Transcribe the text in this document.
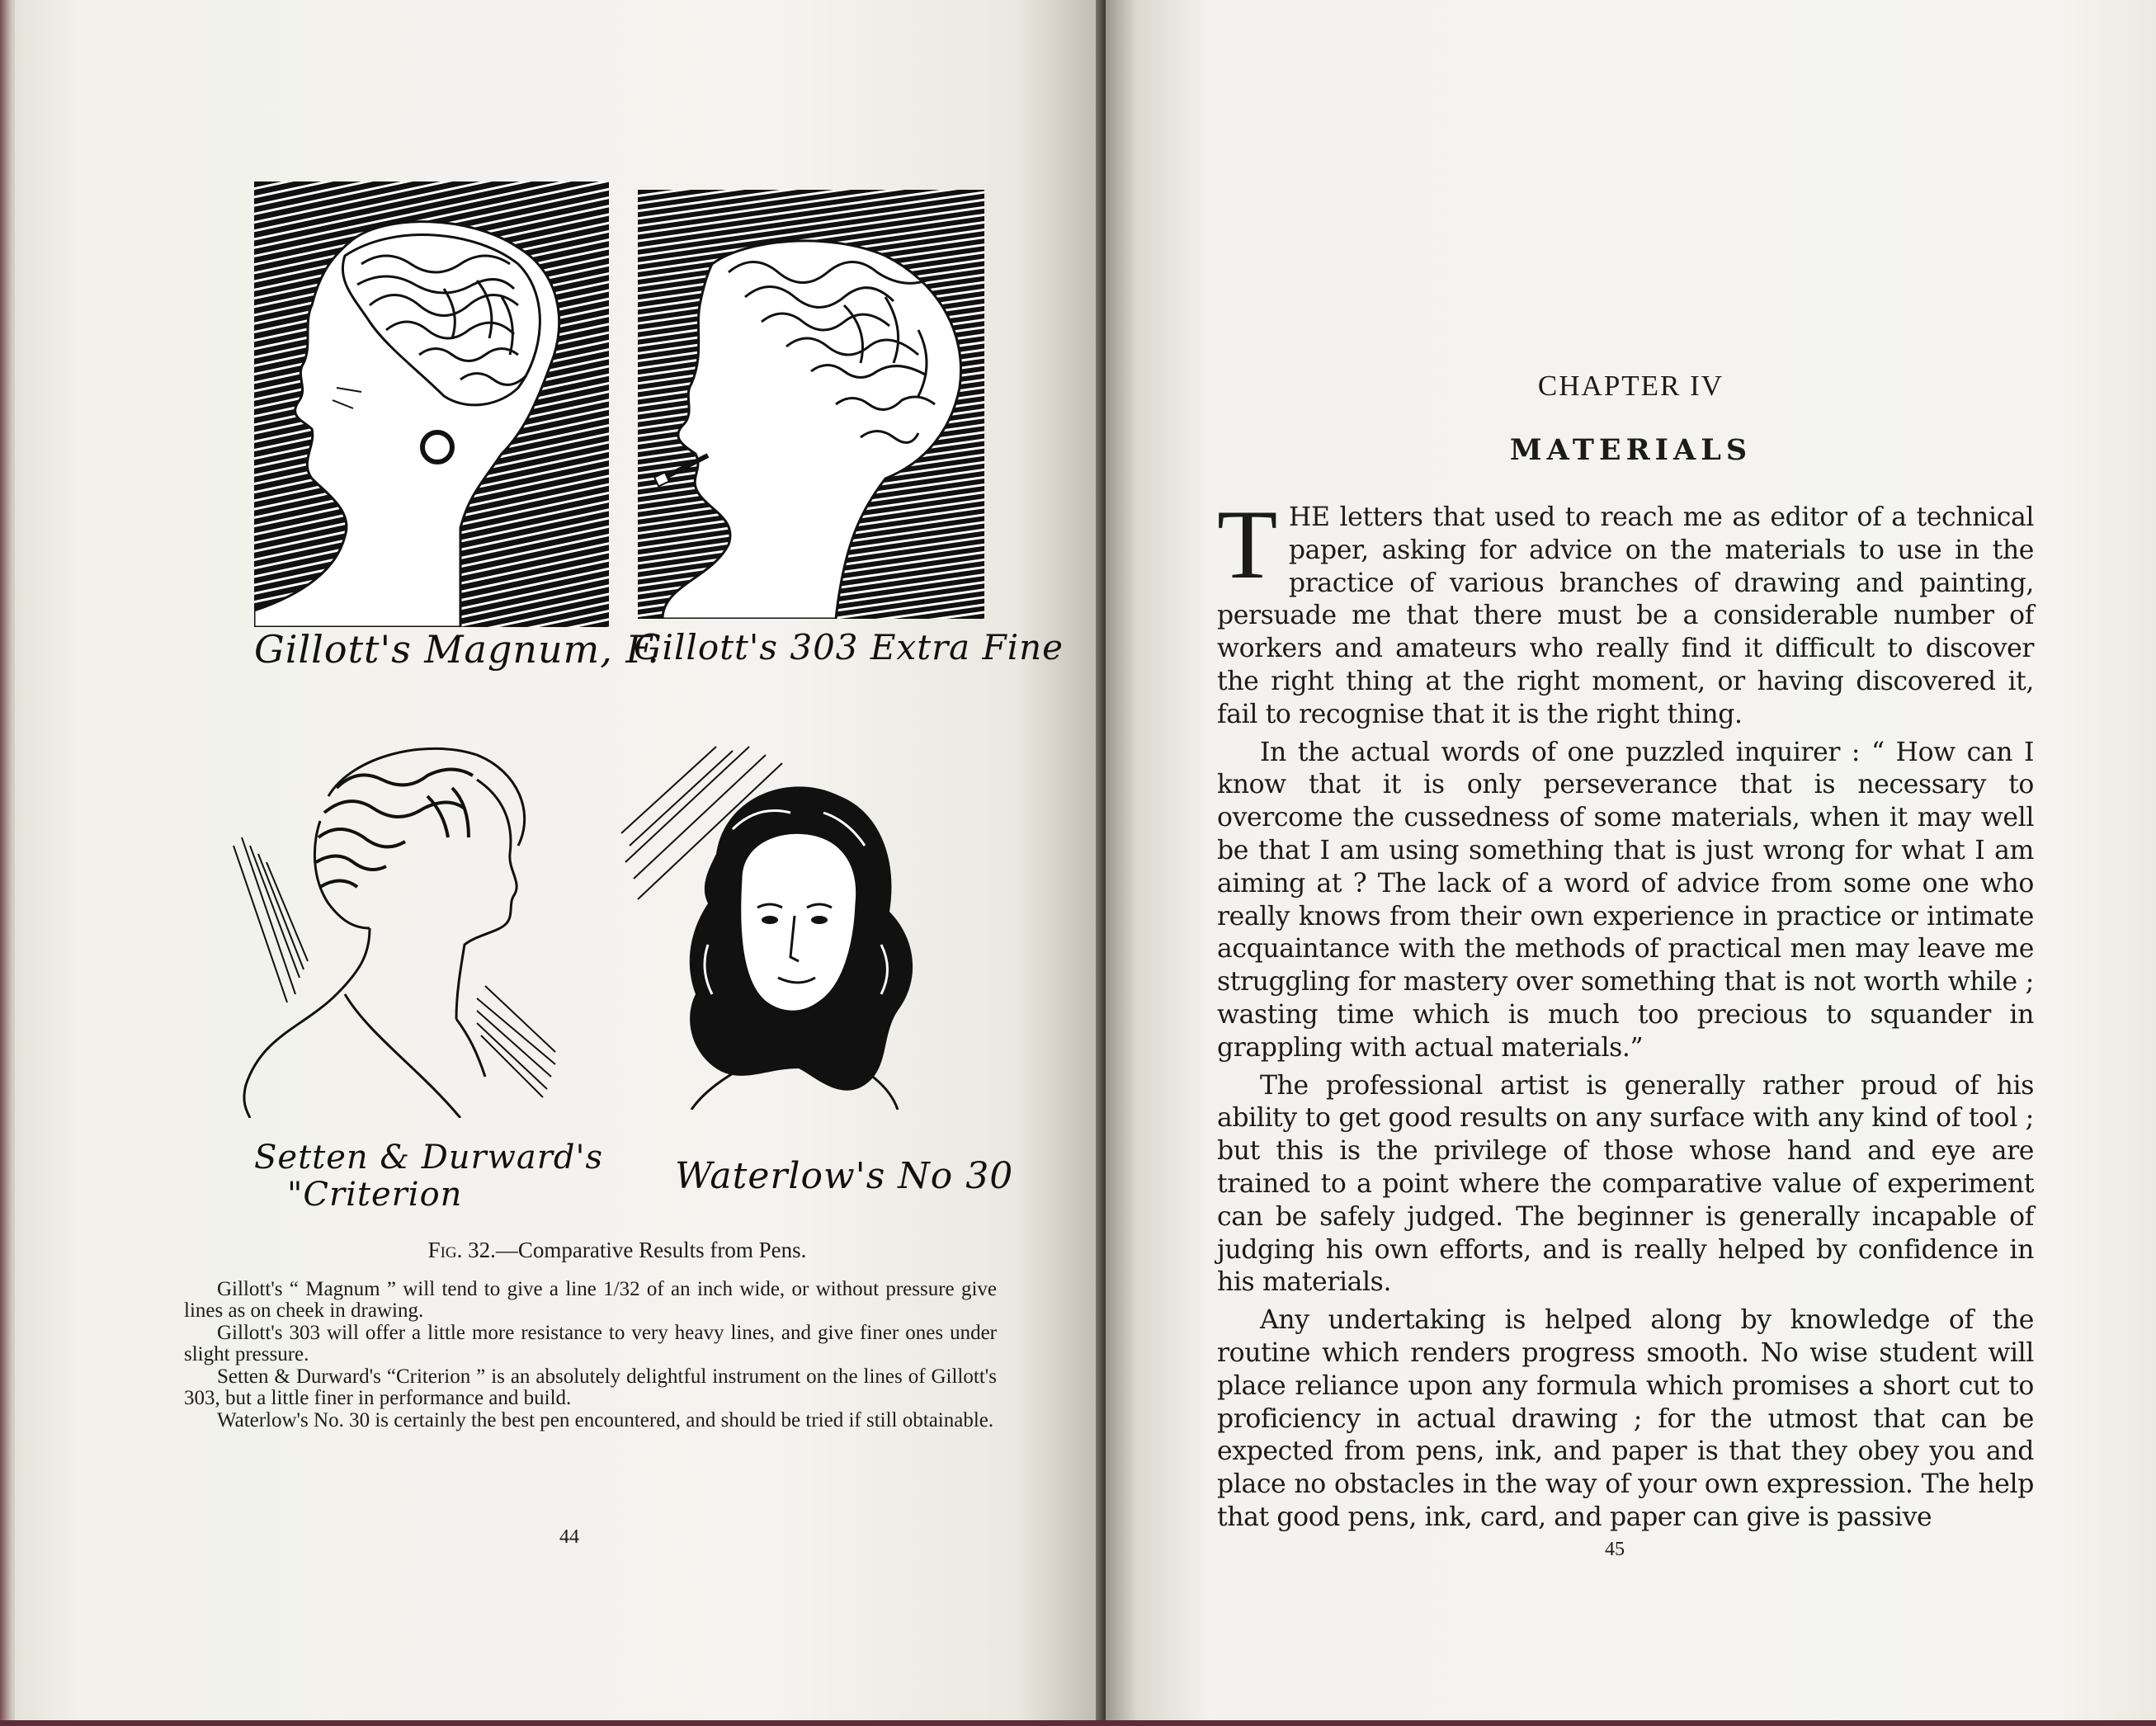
Gillott's Magnum, F.
Gillott's 303 Extra Fine
Setten & Durward's
"Criterion	Waterlow's No 30
Fig. 32.—Comparative Results from Pens.

Gillott's “ Magnum ” will tend to give a line 1/32 of an inch wide, or without pressure give lines as on cheek in drawing.

Gillott's 303 will offer a little more resistance to very heavy lines, and give finer ones under slight pressure.

Setten & Durward's “Criterion ” is an absolutely delightful instrument on the lines of Gillott's 303, but a little finer in performance and build.

Waterlow's No. 30 is certainly the best pen encountered, and should be tried if still obtainable.

44
CHAPTER IV
MATERIALS

THE letters that used to reach me as editor of a technical paper, asking for advice on the materials to use in the practice of various branches of drawing and painting, persuade me that there must be a considerable number of workers and amateurs who really find it difficult to discover the right thing at the right moment, or having discovered it, fail to recognise that it is the right thing.

In the actual words of one puzzled inquirer : “ How can I know that it is only perseverance that is necessary to overcome the cussedness of some materials, when it may well be that I am using something that is just wrong for what I am aiming at ? The lack of a word of advice from some one who really knows from their own experience in practice or intimate acquaintance with the methods of practical men may leave me struggling for mastery over something that is not worth while ; wasting time which is much too precious to squander in grappling with actual materials.”

The professional artist is generally rather proud of his ability to get good results on any surface with any kind of tool ; but this is the privilege of those whose hand and eye are trained to a point where the comparative value of experiment can be safely judged. The beginner is generally incapable of judging his own efforts, and is really helped by confidence in his materials.

Any undertaking is helped along by knowledge of the routine which renders progress smooth. No wise student will place reliance upon any formula which promises a short cut to proficiency in actual drawing ; for the utmost that can be expected from pens, ink, and paper is that they obey you and place no obstacles in the way of your own expression. The help that good pens, ink, card, and paper can give is passive

45
